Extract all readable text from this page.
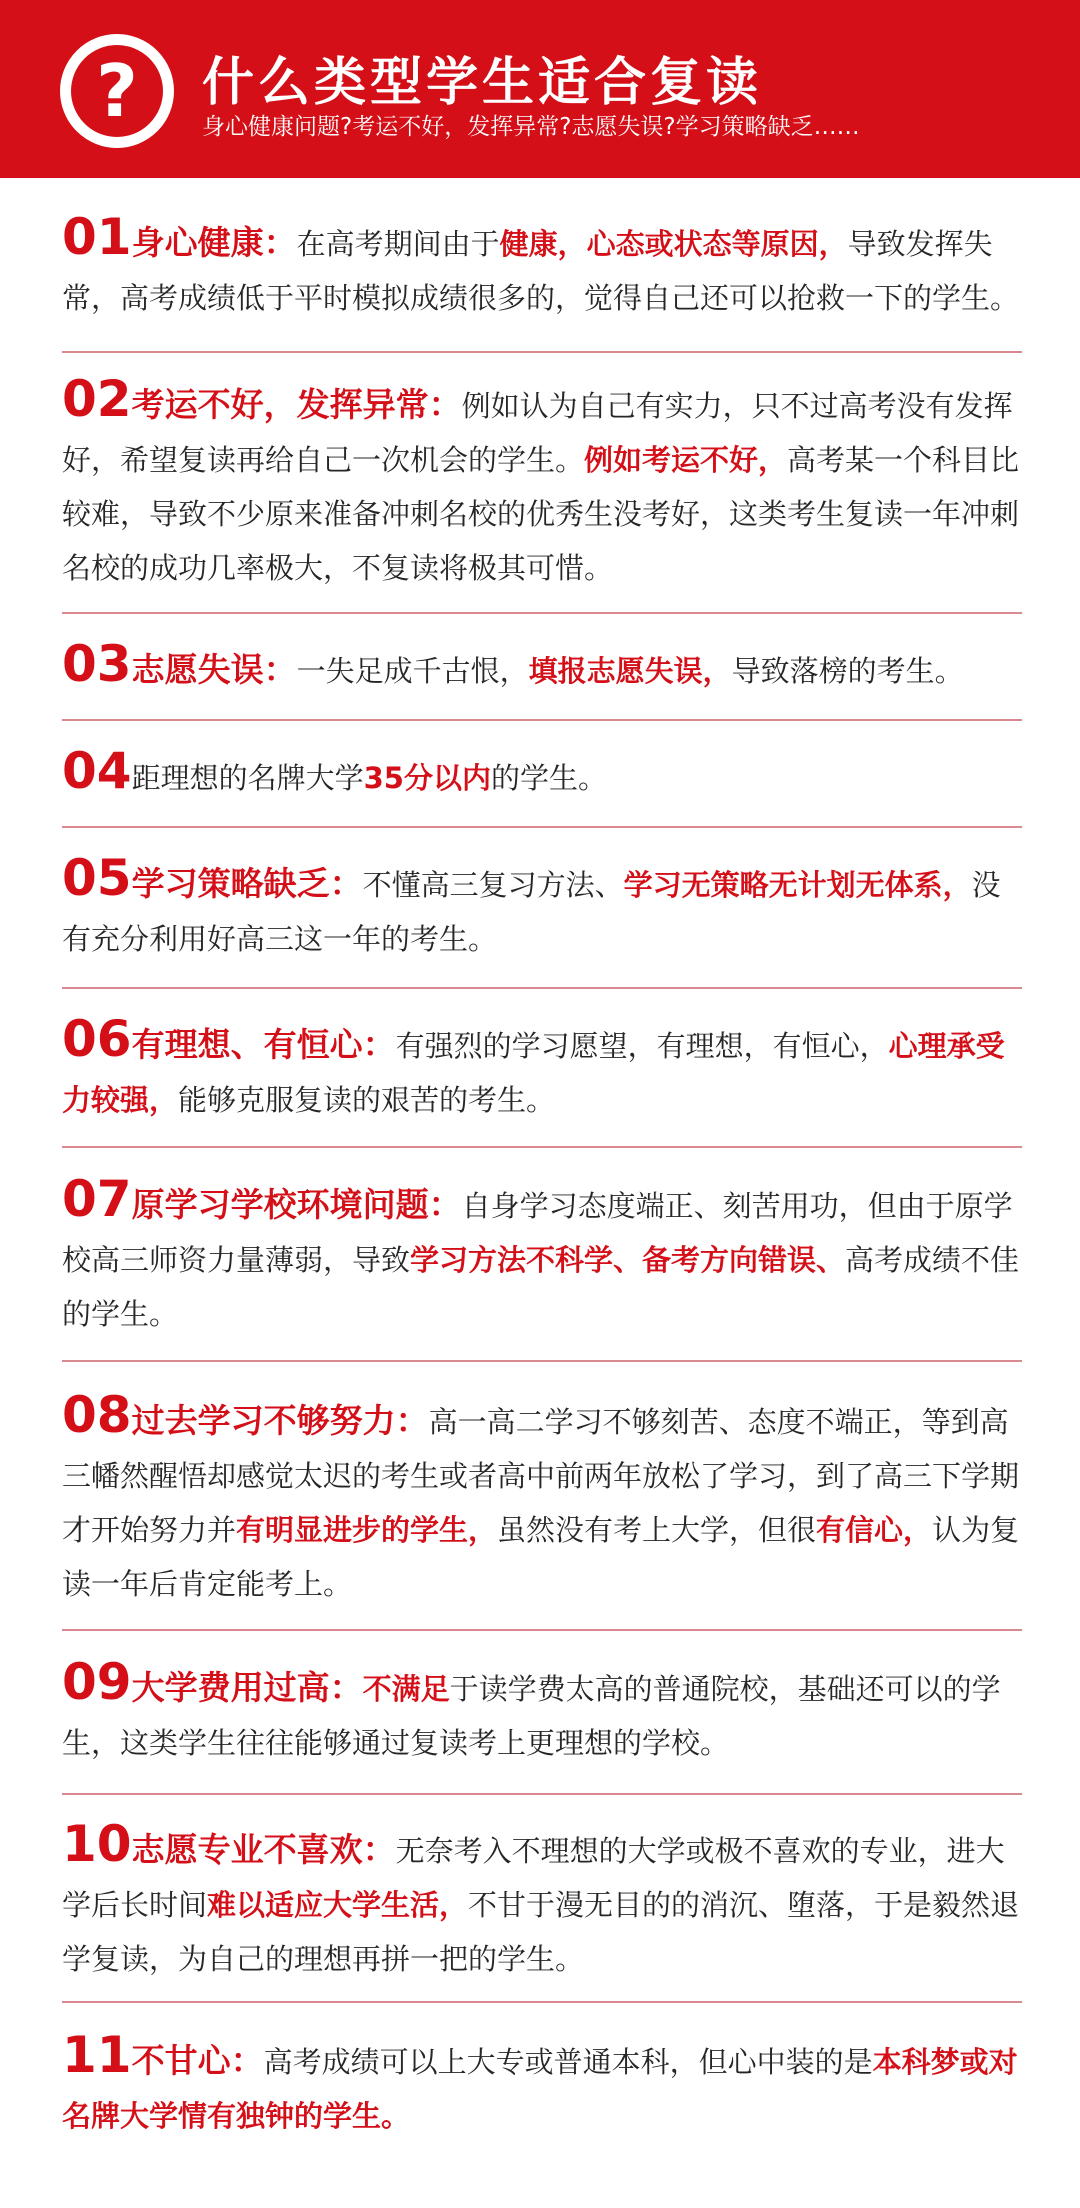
?	什么类型学生适合复读
身心健康问题?考运不好，发挥异常?志愿失误?学习策略缺乏……
01身心健康：在高考期间由于健康，心态或状态等原因，导致发挥失常，高考成绩低于平时模拟成绩很多的，觉得自己还可以抢救一下的学生。
02考运不好，发挥异常：例如认为自己有实力，只不过高考没有发挥好，希望复读再给自己一次机会的学生。例如考运不好，高考某一个科目比较难，导致不少原来准备冲刺名校的优秀生没考好，这类考生复读一年冲刺名校的成功几率极大，不复读将极其可惜。
03志愿失误：一失足成千古恨，填报志愿失误，导致落榜的考生。
04距理想的名牌大学35分以内的学生。
05学习策略缺乏：不懂高三复习方法、学习无策略无计划无体系，没有充分利用好高三这一年的考生。
06有理想、有恒心：有强烈的学习愿望，有理想，有恒心，心理承受力较强，能够克服复读的艰苦的考生。
07原学习学校环境问题：自身学习态度端正、刻苦用功，但由于原学校高三师资力量薄弱，导致学习方法不科学、备考方向错误、高考成绩不佳的学生。
08过去学习不够努力：高一高二学习不够刻苦、态度不端正，等到高三幡然醒悟却感觉太迟的考生或者高中前两年放松了学习，到了高三下学期才开始努力并有明显进步的学生，虽然没有考上大学，但很有信心，认为复读一年后肯定能考上。
09大学费用过高：不满足于读学费太高的普通院校，基础还可以的学生，这类学生往往能够通过复读考上更理想的学校。
10志愿专业不喜欢：无奈考入不理想的大学或极不喜欢的专业，进大学后长时间难以适应大学生活，不甘于漫无目的的消沉、堕落，于是毅然退学复读，为自己的理想再拼一把的学生。
11不甘心：高考成绩可以上大专或普通本科，但心中装的是本科梦或对名牌大学情有独钟的学生。
